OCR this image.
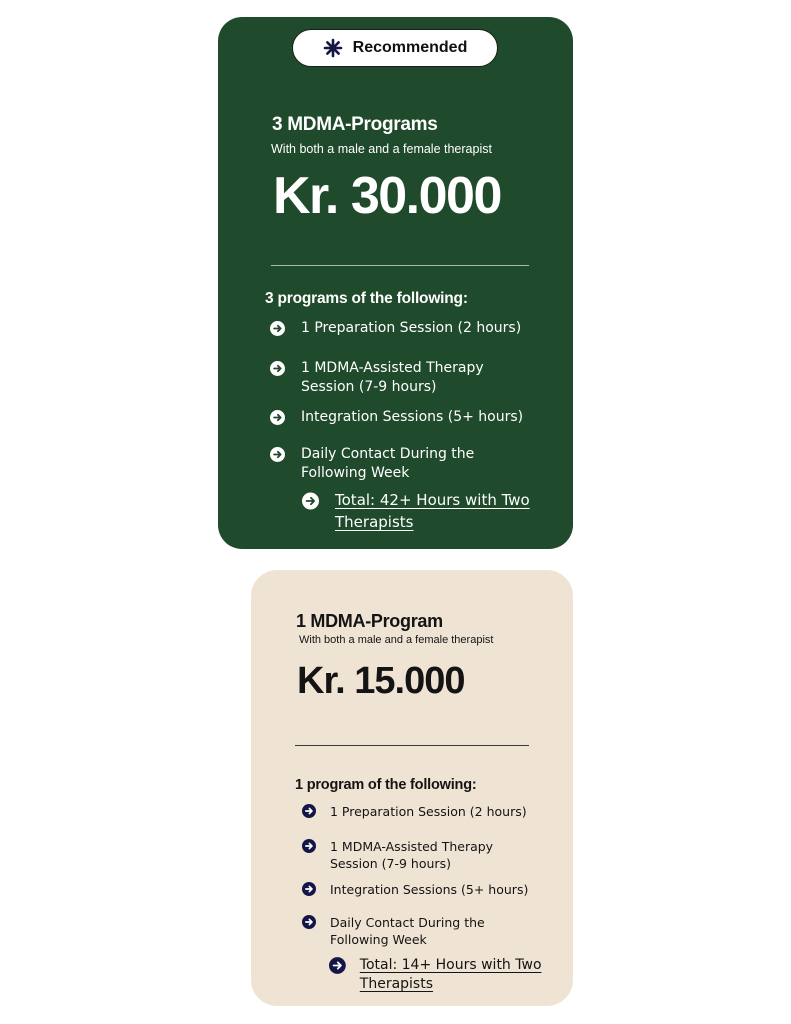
Recommended
3 MDMA-Programs
With both a male and a female therapist
Kr. 30.000
3 programs of the following:
1 Preparation Session (2 hours)
1 MDMA-Assisted Therapy Session (7-9 hours)
Integration Sessions (5+ hours)
Daily Contact During the Following Week
Total: 42+ Hours with Two Therapists
1 MDMA-Program
With both a male and a female therapist
Kr. 15.000
1 program of the following:
1 Preparation Session (2 hours)
1 MDMA-Assisted Therapy Session (7-9 hours)
Integration Sessions (5+ hours)
Daily Contact During the Following Week
Total: 14+ Hours with Two Therapists
